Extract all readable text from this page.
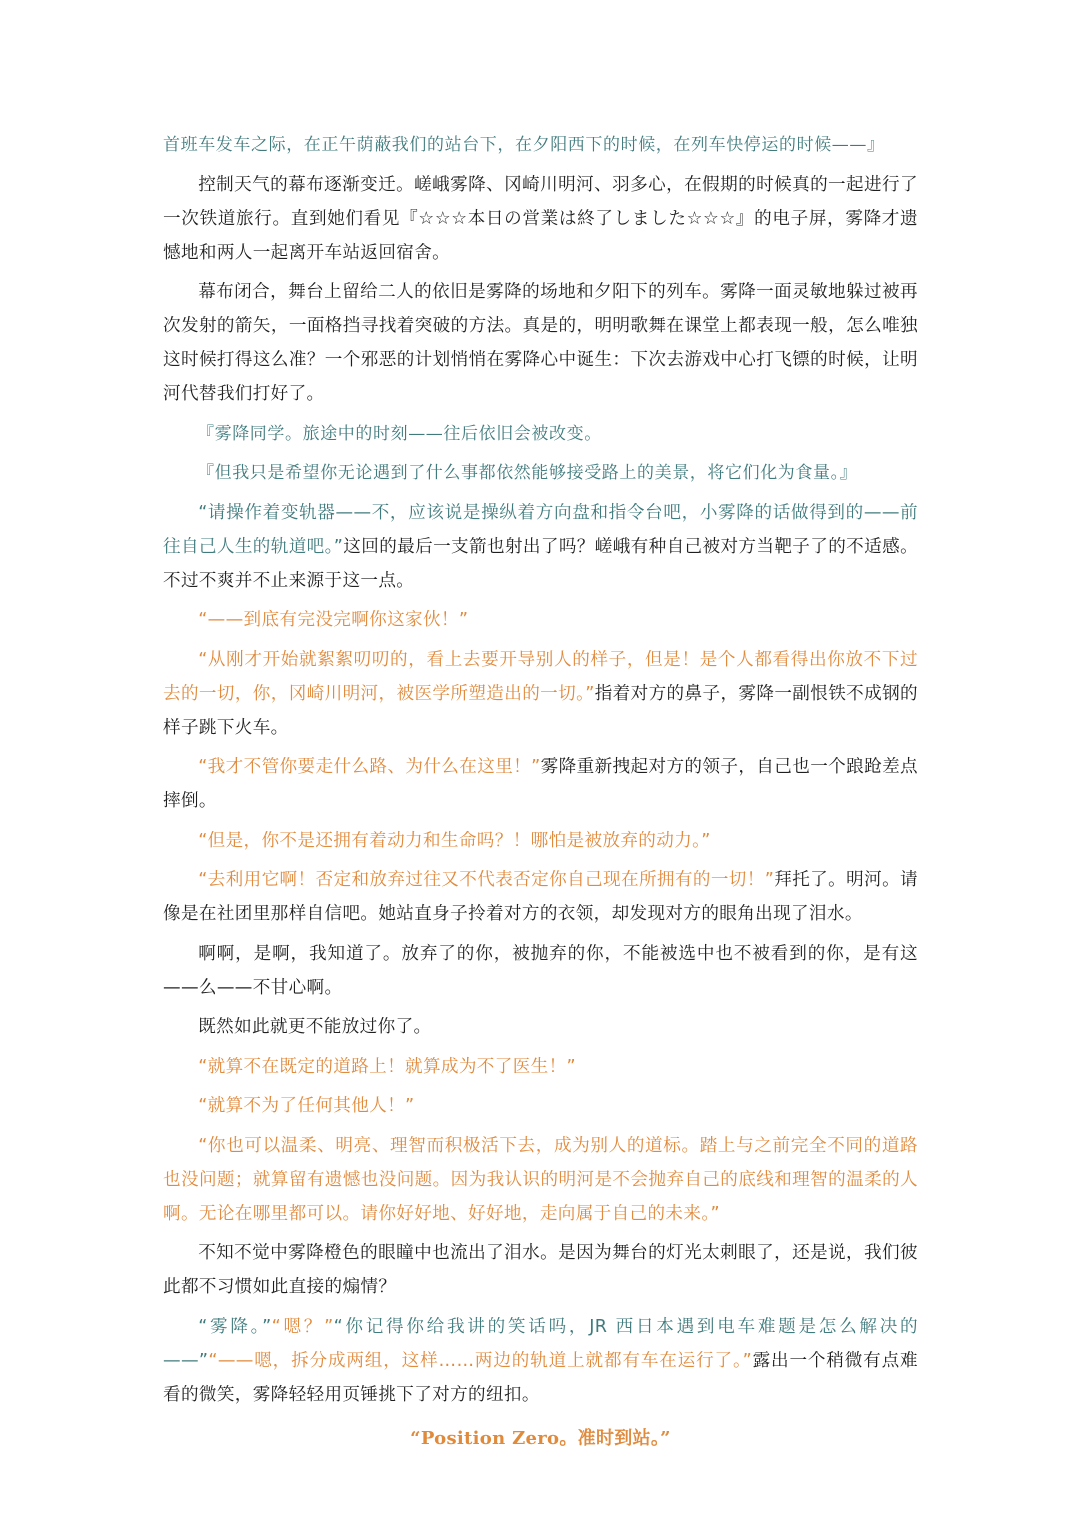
首班车发车之际，在正午荫蔽我们的站台下，在夕阳西下的时候，在列车快停运的时候——』

控制天气的幕布逐渐变迁。嵯峨雾降、冈崎川明河、羽多心，在假期的时候真的一起进行了一次铁道旅行。直到她们看见『☆☆☆本日の営業は終了しました☆☆☆』的电子屏，雾降才遗憾地和两人一起离开车站返回宿舍。

幕布闭合，舞台上留给二人的依旧是雾降的场地和夕阳下的列车。雾降一面灵敏地躲过被再次发射的箭矢，一面格挡寻找着突破的方法。真是的，明明歌舞在课堂上都表现一般，怎么唯独这时候打得这么准？一个邪恶的计划悄悄在雾降心中诞生：下次去游戏中心打飞镖的时候，让明河代替我们打好了。

『雾降同学。旅途中的时刻——往后依旧会被改变。

『但我只是希望你无论遇到了什么事都依然能够接受路上的美景，将它们化为食量。』

“请操作着变轨器——不，应该说是操纵着方向盘和指令台吧，小雾降的话做得到的——前往自己人生的轨道吧。”这回的最后一支箭也射出了吗？嵯峨有种自己被对方当靶子了的不适感。不过不爽并不止来源于这一点。

“——到底有完没完啊你这家伙！”

“从刚才开始就絮絮叨叨的，看上去要开导别人的样子，但是！是个人都看得出你放不下过去的一切，你，冈崎川明河，被医学所塑造出的一切。”指着对方的鼻子，雾降一副恨铁不成钢的样子跳下火车。

“我才不管你要走什么路、为什么在这里！”雾降重新拽起对方的领子，自己也一个踉跄差点摔倒。

“但是，你不是还拥有着动力和生命吗？！哪怕是被放弃的动力。”

“去利用它啊！否定和放弃过往又不代表否定你自己现在所拥有的一切！”拜托了。明河。请像是在社团里那样自信吧。她站直身子拎着对方的衣领，却发现对方的眼角出现了泪水。

啊啊，是啊，我知道了。放弃了的你，被抛弃的你，不能被选中也不被看到的你，是有这——么——不甘心啊。

既然如此就更不能放过你了。

“就算不在既定的道路上！就算成为不了医生！”

“就算不为了任何其他人！”

“你也可以温柔、明亮、理智而积极活下去，成为别人的道标。踏上与之前完全不同的道路也没问题；就算留有遗憾也没问题。因为我认识的明河是不会抛弃自己的底线和理智的温柔的人啊。无论在哪里都可以。请你好好地、好好地，走向属于自己的未来。”

不知不觉中雾降橙色的眼瞳中也流出了泪水。是因为舞台的灯光太刺眼了，还是说，我们彼此都不习惯如此直接的煽情？

“雾降。”“嗯？”“你记得你给我讲的笑话吗，JR 西日本遇到电车难题是怎么解决的——”“——嗯，拆分成两组，这样……两边的轨道上就都有车在运行了。”露出一个稍微有点难看的微笑，雾降轻轻用页锤挑下了对方的纽扣。

“Position Zero。准时到站。”
